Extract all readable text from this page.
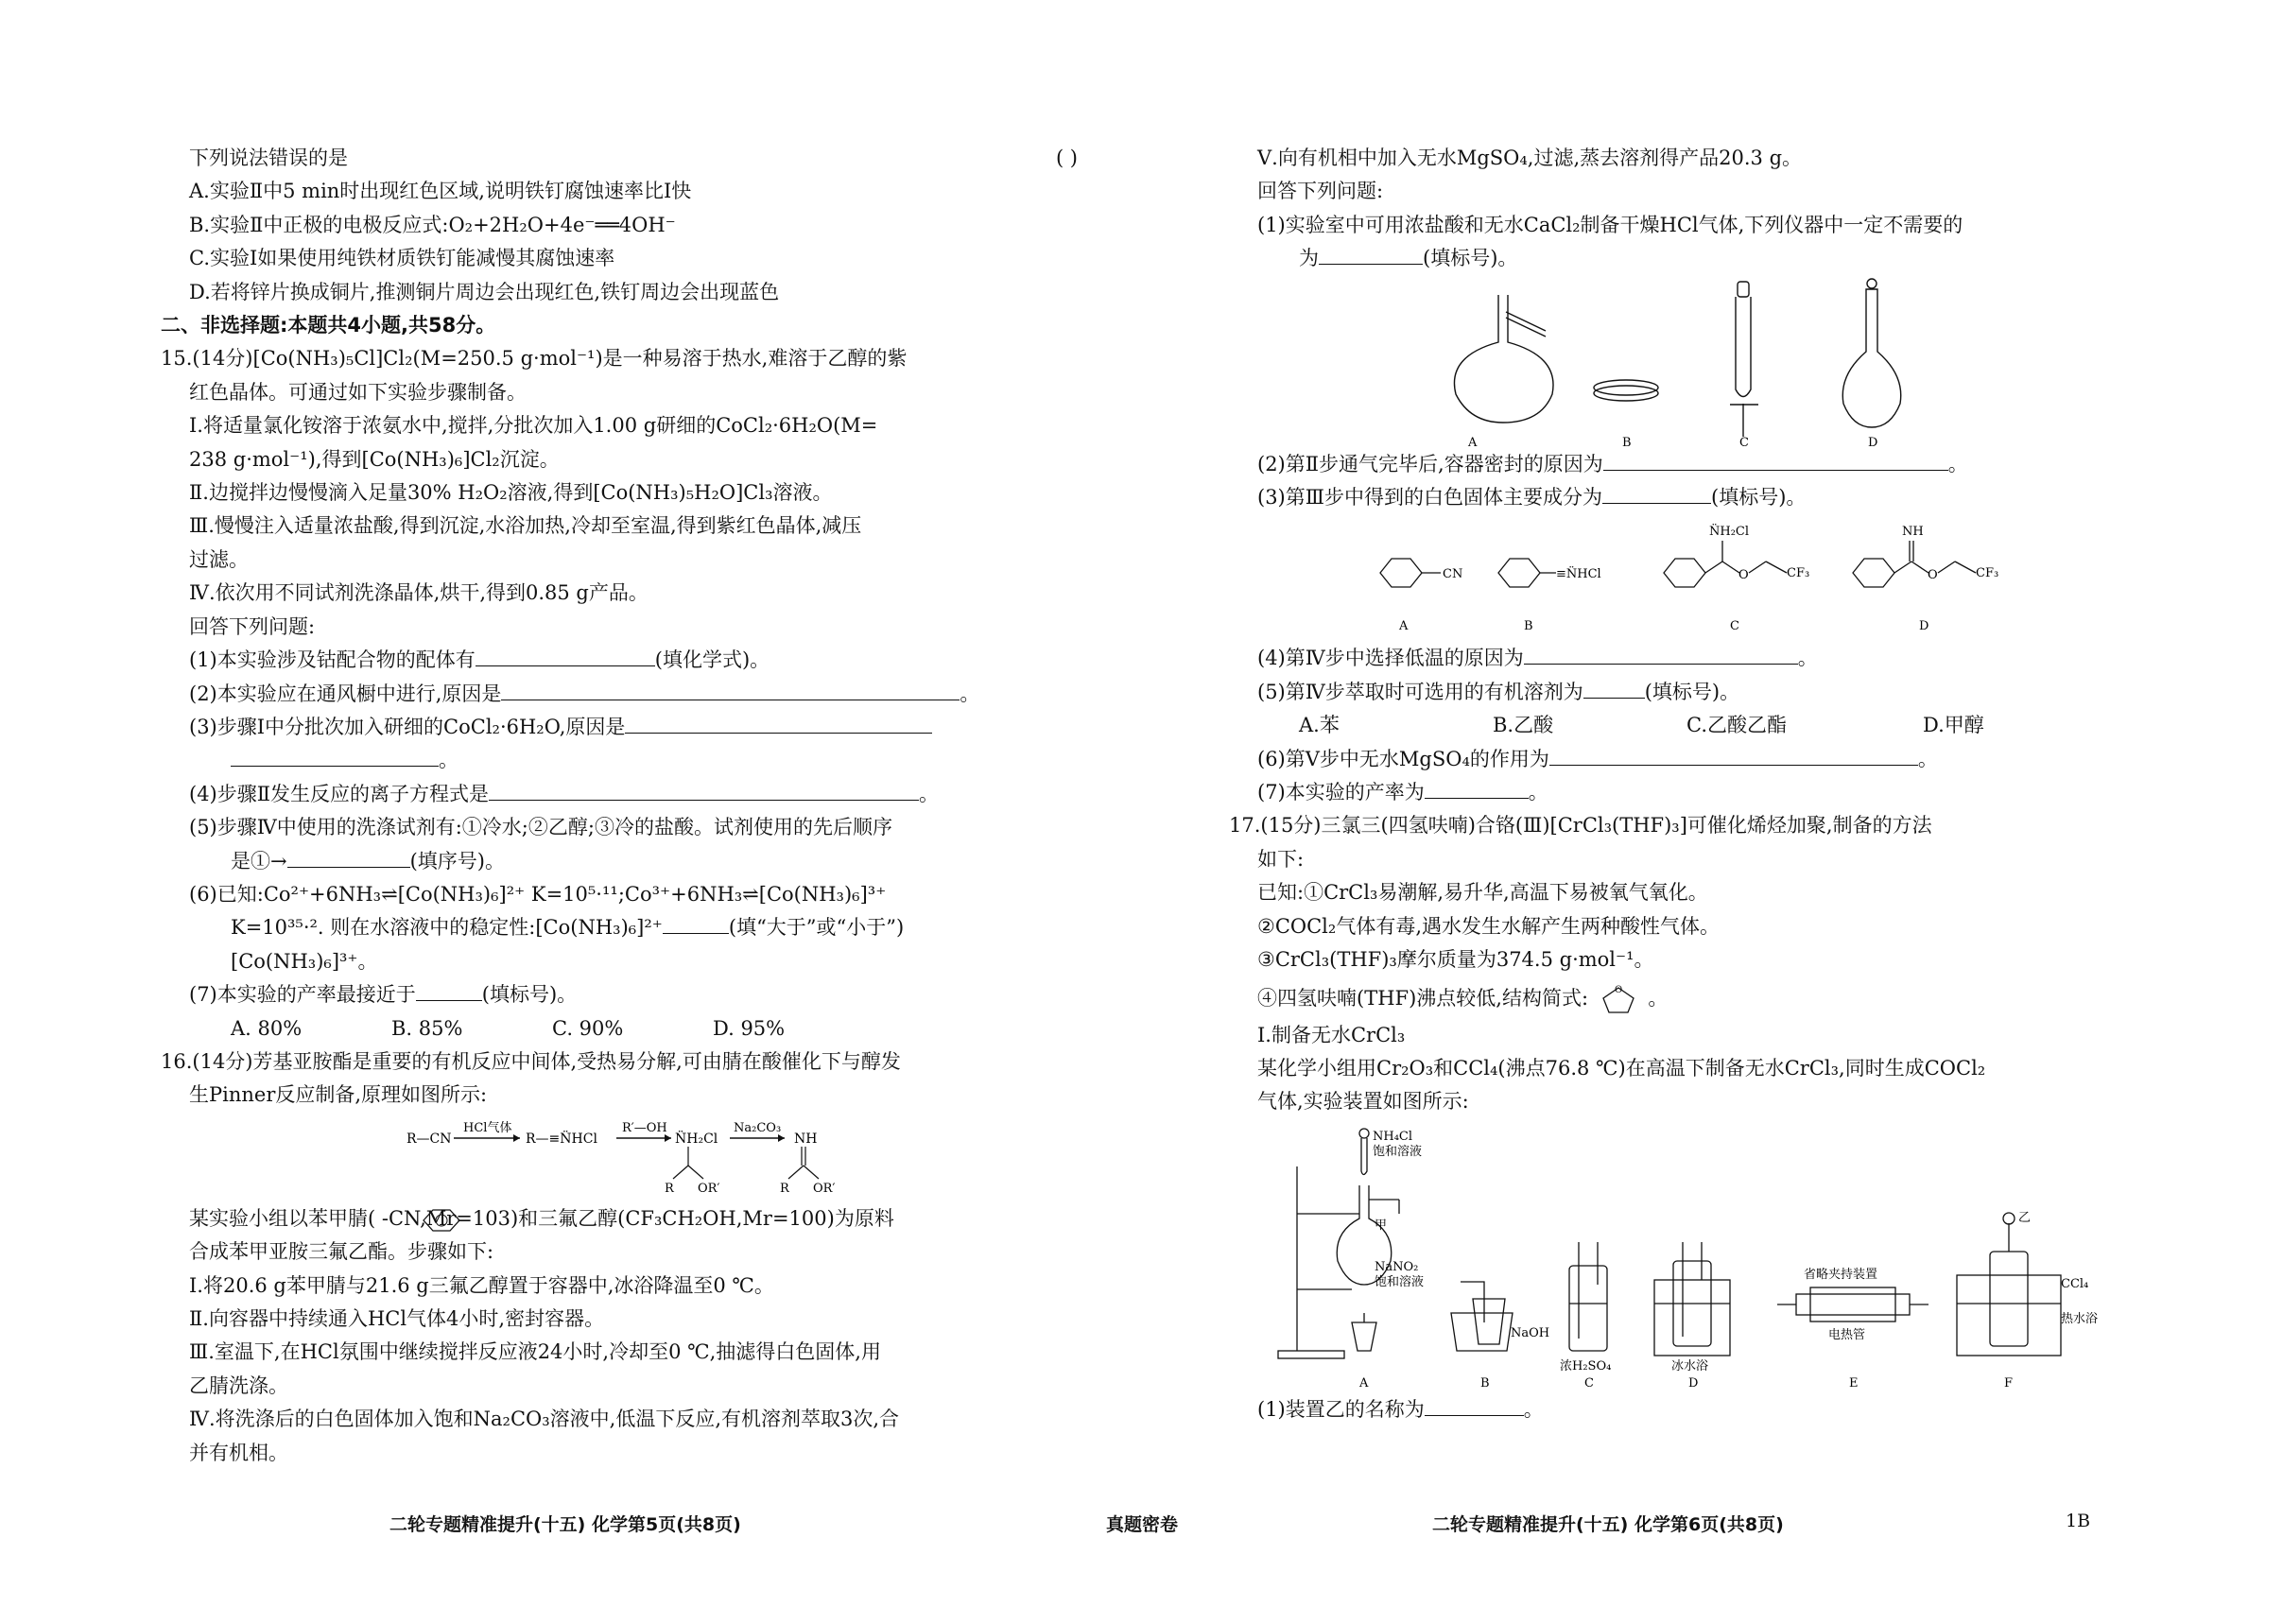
下列说法错误的是	( )
A.实验Ⅱ中5 min时出现红色区域,说明铁钉腐蚀速率比Ⅰ快
B.实验Ⅱ中正极的电极反应式:O₂+2H₂O+4e⁻══4OH⁻
C.实验Ⅰ如果使用纯铁材质铁钉能减慢其腐蚀速率
D.若将锌片换成铜片,推测铜片周边会出现红色,铁钉周边会出现蓝色
二、非选择题:本题共4小题,共58分。
15.(14分)[Co(NH₃)₅Cl]Cl₂(M=250.5 g·mol⁻¹)是一种易溶于热水,难溶于乙醇的紫
红色晶体。可通过如下实验步骤制备。
Ⅰ.将适量氯化铵溶于浓氨水中,搅拌,分批次加入1.00 g研细的CoCl₂·6H₂O(M=
238 g·mol⁻¹),得到[Co(NH₃)₆]Cl₂沉淀。
Ⅱ.边搅拌边慢慢滴入足量30% H₂O₂溶液,得到[Co(NH₃)₅H₂O]Cl₃溶液。
Ⅲ.慢慢注入适量浓盐酸,得到沉淀,水浴加热,冷却至室温,得到紫红色晶体,减压
过滤。
Ⅳ.依次用不同试剂洗涤晶体,烘干,得到0.85 g产品。
回答下列问题:
(1)本实验涉及钴配合物的配体有	(填化学式)。
(2)本实验应在通风橱中进行,原因是	。
(3)步骤Ⅰ中分批次加入研细的CoCl₂·6H₂O,原因是
。
(4)步骤Ⅱ发生反应的离子方程式是	。
(5)步骤Ⅳ中使用的洗涤试剂有:①冷水;②乙醇;③冷的盐酸。试剂使用的先后顺序
是①→	(填序号)。
(6)已知:Co²⁺+6NH₃⇌[Co(NH₃)₆]²⁺ K=10⁵·¹¹;Co³⁺+6NH₃⇌[Co(NH₃)₆]³⁺
K=10³⁵·². 则在水溶液中的稳定性:[Co(NH₃)₆]²⁺	(填“大于”或“小于”)
[Co(NH₃)₆]³⁺。
(7)本实验的产率最接近于	(填标号)。
A. 80%	B. 85%	C. 90%	D. 95%
16.(14分)芳基亚胺酯是重要的有机反应中间体,受热易分解,可由腈在酸催化下与醇发
生Pinner反应制备,原理如图所示:
R—CN
HCl气体
R—≡N̈HCl
R′—OH
N̈H₂Cl
R OR′
Na₂CO₃
NH
R OR′
某实验小组以苯甲腈( -CN,Mr=103)和三氟乙醇(CF₃CH₂OH,Mr=100)为原料
合成苯甲亚胺三氟乙酯。步骤如下:
Ⅰ.将20.6 g苯甲腈与21.6 g三氟乙醇置于容器中,冰浴降温至0 ℃。
Ⅱ.向容器中持续通入HCl气体4小时,密封容器。
Ⅲ.室温下,在HCl氛围中继续搅拌反应液24小时,冷却至0 ℃,抽滤得白色固体,用
乙腈洗涤。
Ⅳ.将洗涤后的白色固体加入饱和Na₂CO₃溶液中,低温下反应,有机溶剂萃取3次,合
并有机相。
Ⅴ.向有机相中加入无水MgSO₄,过滤,蒸去溶剂得产品20.3 g。
回答下列问题:
(1)实验室中可用浓盐酸和无水CaCl₂制备干燥HCl气体,下列仪器中一定不需要的
为	(填标号)。
A	B	C	D
(2)第Ⅱ步通气完毕后,容器密封的原因为	。
(3)第Ⅲ步中得到的白色固体主要成分为	(填标号)。
CN	≡N̈HCl
N̈H₂Cl
O	CF₃
NH
O	CF₃
A	B	C	D
(4)第Ⅳ步中选择低温的原因为	。
(5)第Ⅳ步萃取时可选用的有机溶剂为	(填标号)。
A.苯	B.乙酸	C.乙酸乙酯	D.甲醇
(6)第Ⅴ步中无水MgSO₄的作用为	。
(7)本实验的产率为	。
17.(15分)三氯三(四氢呋喃)合铬(Ⅲ)[CrCl₃(THF)₃]可催化烯烃加聚,制备的方法
如下:
已知:①CrCl₃易潮解,易升华,高温下易被氧气氧化。
②COCl₂气体有毒,遇水发生水解产生两种酸性气体。
③CrCl₃(THF)₃摩尔质量为374.5 g·mol⁻¹。
④四氢呋喃(THF)沸点较低,结构简式:	O 。
Ⅰ.制备无水CrCl₃
某化学小组用Cr₂O₃和CCl₄(沸点76.8 ℃)在高温下制备无水CrCl₃,同时生成COCl₂
气体,实验装置如图所示:
NH₄Cl
饱和溶液
甲
NaNO₂
饱和溶液
NaOH
浓H₂SO₄	冰水浴
省略夹持装置
电热管
乙
CCl₄
热水浴
A	B	C	D	E	F
(1)装置乙的名称为	。
二轮专题精准提升(十五) 化学第5页(共8页)	真题密卷	二轮专题精准提升(十五) 化学第6页(共8页)	1B
